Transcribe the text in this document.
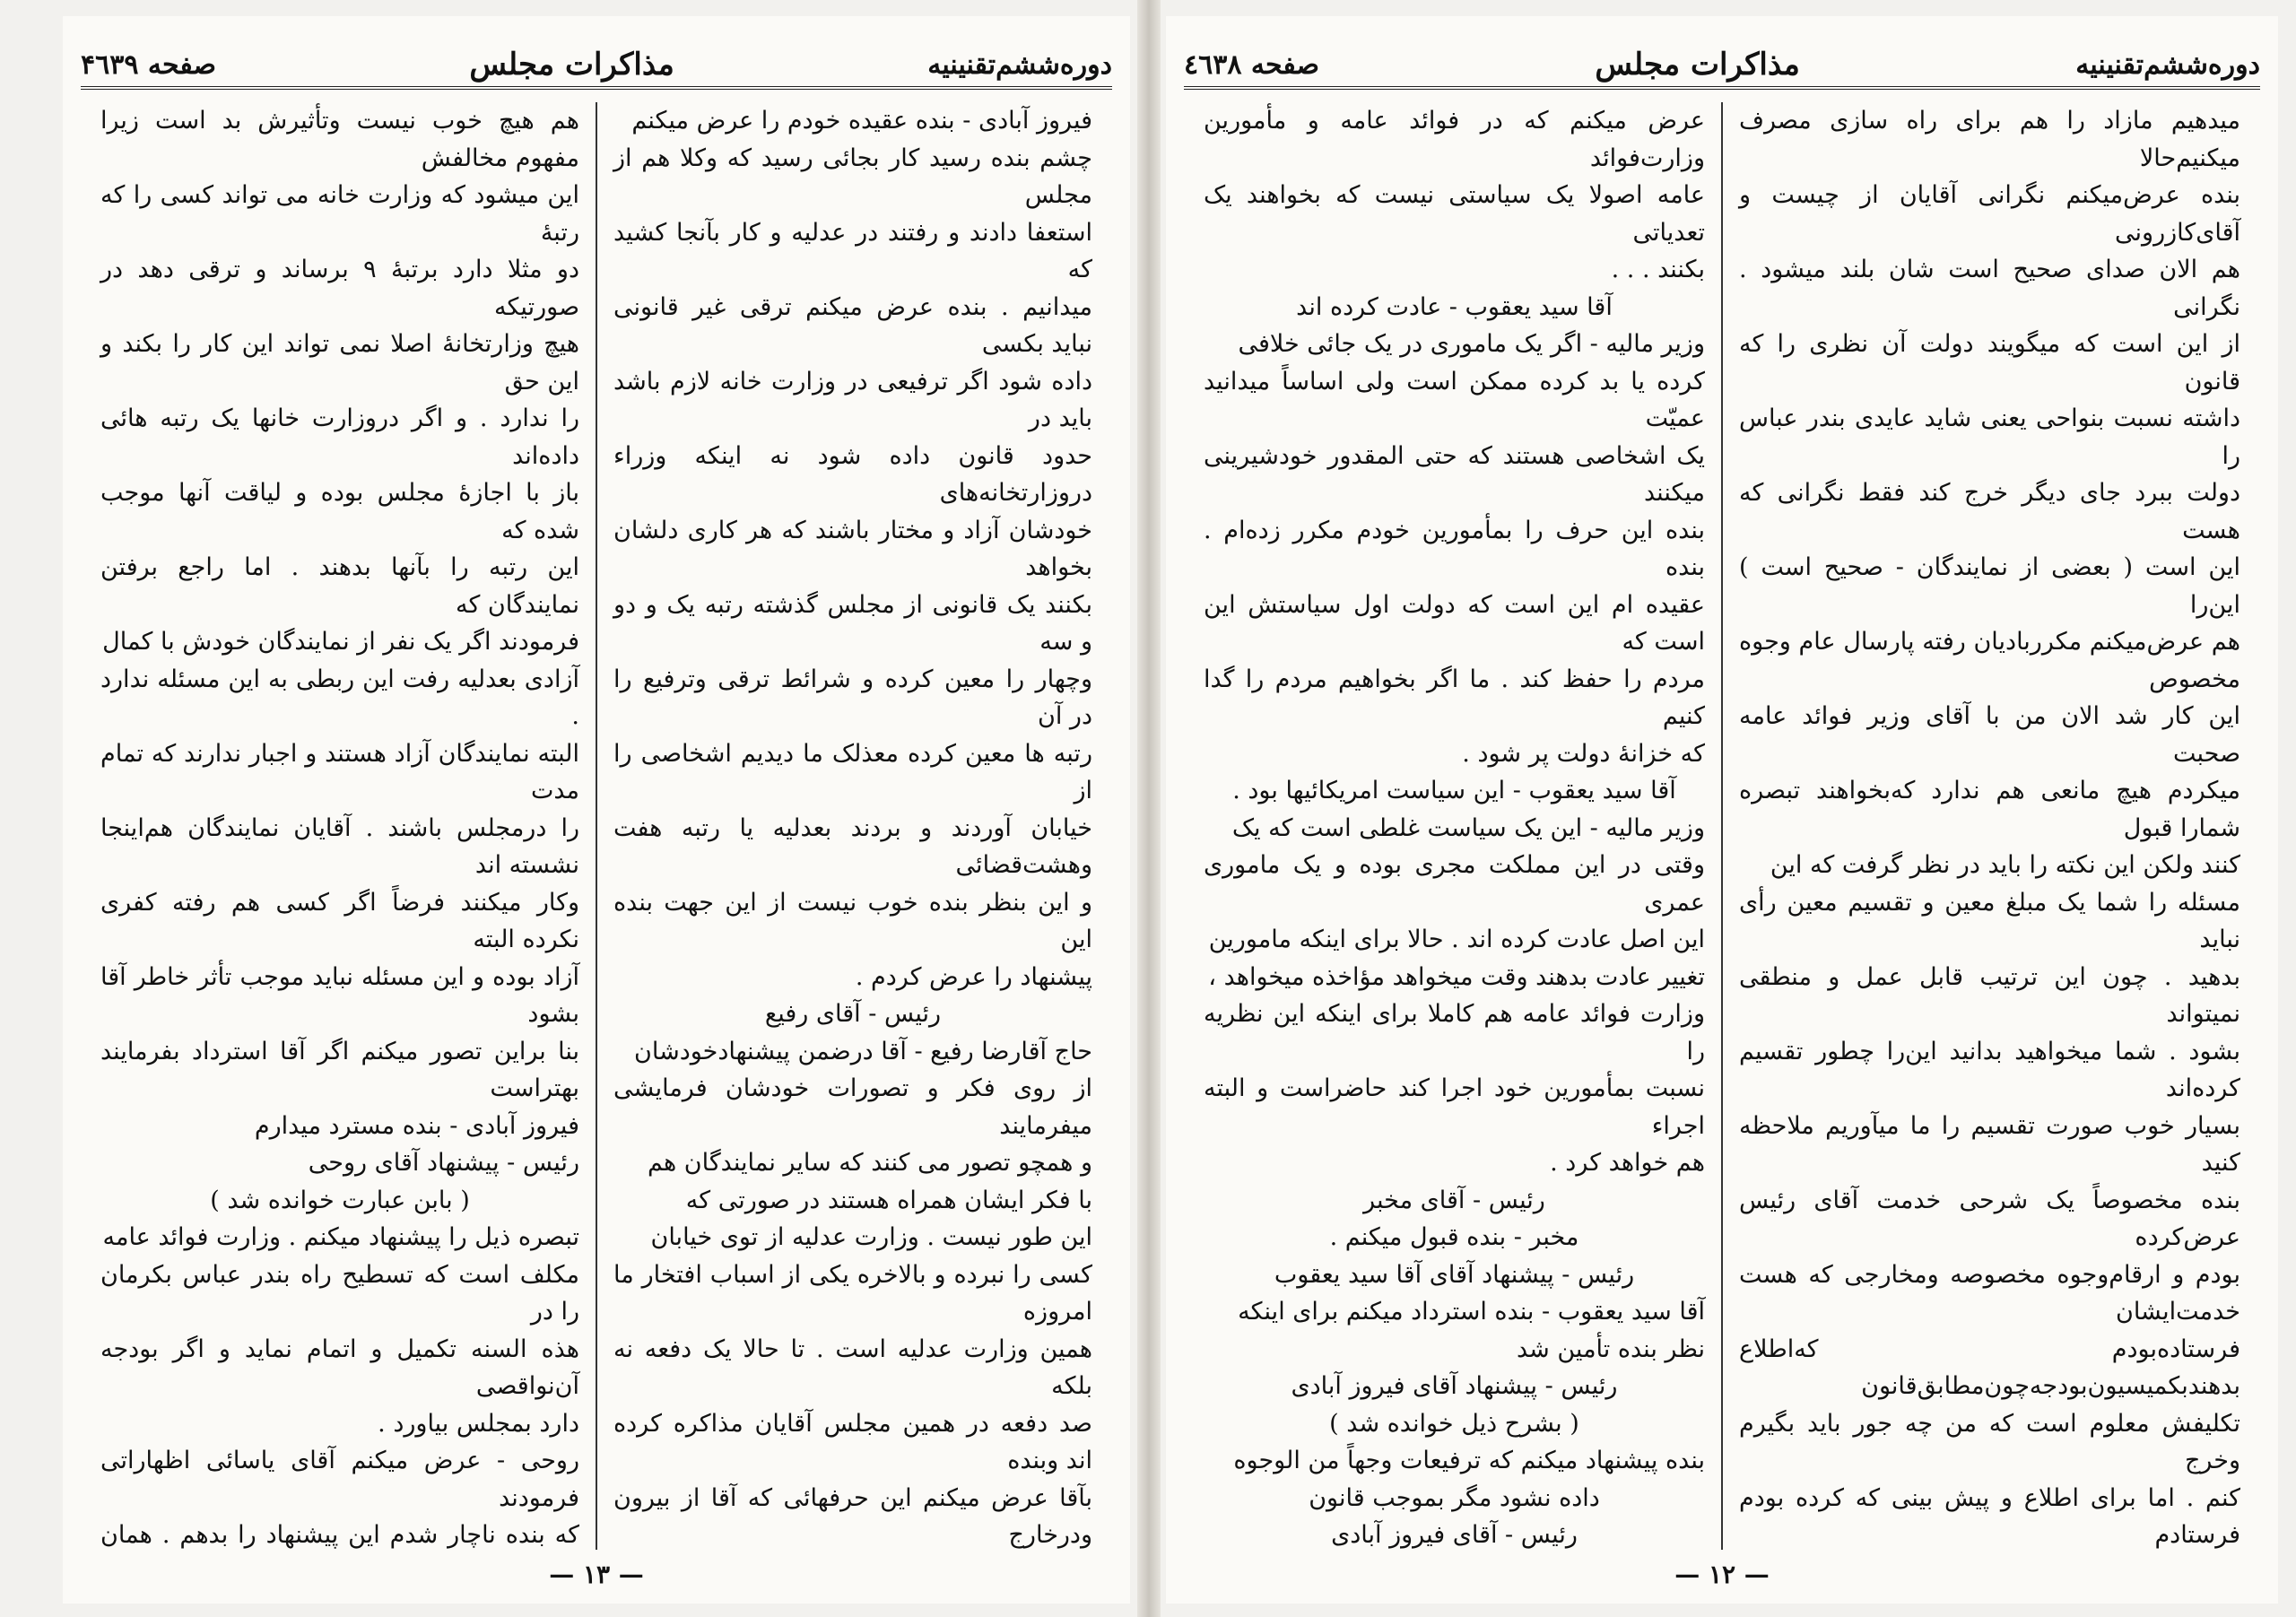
دوره‌ششم‌تقنینیه
مذاکرات مجلس
صفحه ۴٦٣٩

فیروز آبادی - بنده عقیده خودم را عرض میکنم

چشم بنده رسید کار بجائی رسید که وکلا هم از مجلس

استعفا دادند و رفتند در عدلیه و کار بآنجا کشید که

میدانیم . بنده عرض میکنم ترقی غیر قانونی نباید بکسی

داده شود اگر ترفیعی در وزارت خانه لازم باشد باید در

حدود قانون داده شود نه اینکه وزراء دروزارتخانه‌های

خودشان آزاد و مختار باشند که هر کاری دلشان بخواهد

بکنند یک قانونی از مجلس گذشته رتبه یک و دو و سه

وچهار را معین کرده و شرائط ترقی وترفیع را در آن

رتبه ها معین کرده معذلک ما دیدیم اشخاصی را از

خیابان آوردند و بردند بعدلیه یا رتبه هفت وهشت‌قضائی

و این بنظر بنده خوب نیست از این جهت بنده این

پیشنهاد را عرض کردم .

رئیس - آقای رفیع

حاج آقارضا رفیع - آقا درضمن پیشنهادخودشان

از روی فکر و تصورات خودشان فرمایشی میفرمایند

و همچو تصور می کنند که سایر نمایندگان هم

با فکر ایشان همراه هستند در صورتی که

این طور نیست . وزارت عدلیه از توی خیابان

کسی را نبرده و بالاخره یکی از اسباب افتخار ما امروزه

همین وزارت عدلیه است . تا حالا یک دفعه نه بلکه

صد دفعه در همین مجلس آقایان مذاکره کرده اند وبنده

بآقا عرض میکنم این حرفهائی که آقا از بیرون ودرخارج

هم هیچ خوب نیست وتأثیرش بد است زیرا مفهوم مخالفش

این میشود که وزارت خانه می تواند کسی را که رتبهٔ

دو مثلا دارد برتبهٔ ۹ برساند و ترقی دهد در صورتیکه

هیچ وزارتخانهٔ اصلا نمی تواند این کار را بکند و این حق

را ندارد . و اگر دروزارت خانها یک رتبه هائی داده‌اند

باز با اجازهٔ مجلس بوده و لیاقت آنها موجب شده که

این رتبه را بآنها بدهند . اما راجع برفتن نمایندگان که

فرمودند اگر یک نفر از نمایندگان خودش با کمال

آزادی بعدلیه رفت این ربطی به این مسئله ندارد .

البته نمایندگان آزاد هستند و اجبار ندارند که تمام مدت

را درمجلس باشند . آقایان نمایندگان هم‌اینجا نشسته اند

وکار میکنند فرضاً اگر کسی هم رفته کفری نکرده البته

آزاد بوده و این مسئله نباید موجب تأثر خاطر آقا بشود

بنا براین تصور میکنم اگر آقا استرداد بفرمایند بهتراست

فیروز آبادی - بنده مسترد میدارم

رئیس - پیشنهاد آقای روحی

( بابن عبارت خوانده شد )

تبصره ذیل را پیشنهاد میکنم . وزارت فوائد عامه

مکلف است که تسطیح راه بندر عباس بکرمان را در

هذه السنه تکمیل و اتمام نماید و اگر بودجه آن‌نواقصی

دارد بمجلس بیاورد .

روحی - عرض میکنم آقای یاسائی اظهاراتی فرمودند

که بنده ناچار شدم این پیشنهاد را بدهم . همان

— ١٣ —
دوره‌ششم‌تقنینیه
مذاکرات مجلس
صفحه ٤٦٣٨

میدهیم مازاد را هم برای راه سازی مصرف میکنیم‌حالا

بنده عرض‌میکنم نگرانی آقایان از چیست و آقای‌کازرونی

هم الان صدای صحیح است شان بلند میشود . نگرانی

از این است که میگویند دولت آن نظری را که قانون

داشته نسبت بنواحی یعنی شاید عایدی بندر عباس را

دولت ببرد جای دیگر خرج کند فقط نگرانی که هست

این است ( بعضی از نمایندگان - صحیح است ) این‌را

هم عرض‌میکنم مکرربادیان رفته پارسال عام وجوه مخصوص

این کار شد الان من با آقای وزیر فوائد عامه صحبت

میکردم هیچ مانعی هم ندارد که‌بخواهند تبصره شمارا قبول

کنند ولکن این نکته را باید در نظر گرفت که این

مسئله را شما یک مبلغ معین و تقسیم معین رأی نباید

بدهید . چون این ترتیب قابل عمل و منطقی نمیتواند

بشود . شما میخواهید بدانید این‌را چطور تقسیم کرده‌اند

بسیار خوب صورت تقسیم را ما میآوریم ملاحظه کنید

بنده مخصوصاً یک شرحی خدمت آقای رئیس عرض‌کرده

بودم و ارقام‌وجوه مخصوصه ومخارجی که هست خدمت‌ایشان

فرستاده‌بودم که‌اطلاع بدهندبکمیسیون‌بودجه‌چون‌مطابق‌قانون

تکلیفش معلوم است که من چه جور باید بگیرم وخرج

کنم . اما برای اطلاع و پیش بینی که کرده بودم فرستادم

عرض میکنم که در فوائد عامه و مأمورین وزارت‌فوائد

عامه اصولا یک سیاستی نیست که بخواهند یک تعدیاتی

بکنند . . .

آقا سید یعقوب - عادت کرده اند

وزیر مالیه - اگر یک ماموری در یک جائی خلافی

کرده یا بد کرده ممکن است ولی اساساً میدانید عمیّت

یک اشخاصی هستند که حتی المقدور خودشیرینی میکنند

بنده این حرف را بمأمورین خودم مکرر زده‌ام . بنده

عقیده ام این است که دولت اول سیاستش این است که

مردم را حفظ کند . ما اگر بخواهیم مردم را گدا کنیم

که خزانهٔ دولت پر شود .

آقا سید یعقوب - این سیاست امریکائیها بود .

وزیر مالیه - این یک سیاست غلطی است که یک

وقتی در این مملکت مجری بوده و یک ماموری عمری

این اصل عادت کرده اند . حالا برای اینکه مامورین

تغییر عادت بدهند وقت میخواهد مؤاخذه میخواهد ،

وزارت فوائد عامه هم کاملا برای اینکه این نظریه را

نسبت بمأمورین خود اجرا کند حاضراست و البته اجراء

هم خواهد کرد .

رئیس - آقای مخبر

مخبر - بنده قبول میکنم .

رئیس - پیشنهاد آقای آقا سید یعقوب

آقا سید یعقوب - بنده استرداد میکنم برای اینکه

نظر بنده تأمین شد

رئیس - پیشنهاد آقای فیروز آبادی

( بشرح ذیل خوانده شد )

بنده پیشنهاد میکنم که ترفیعات وجهاً من الوجوه

داده نشود مگر بموجب قانون

رئیس - آقای فیروز آبادی

— ١٢ —
